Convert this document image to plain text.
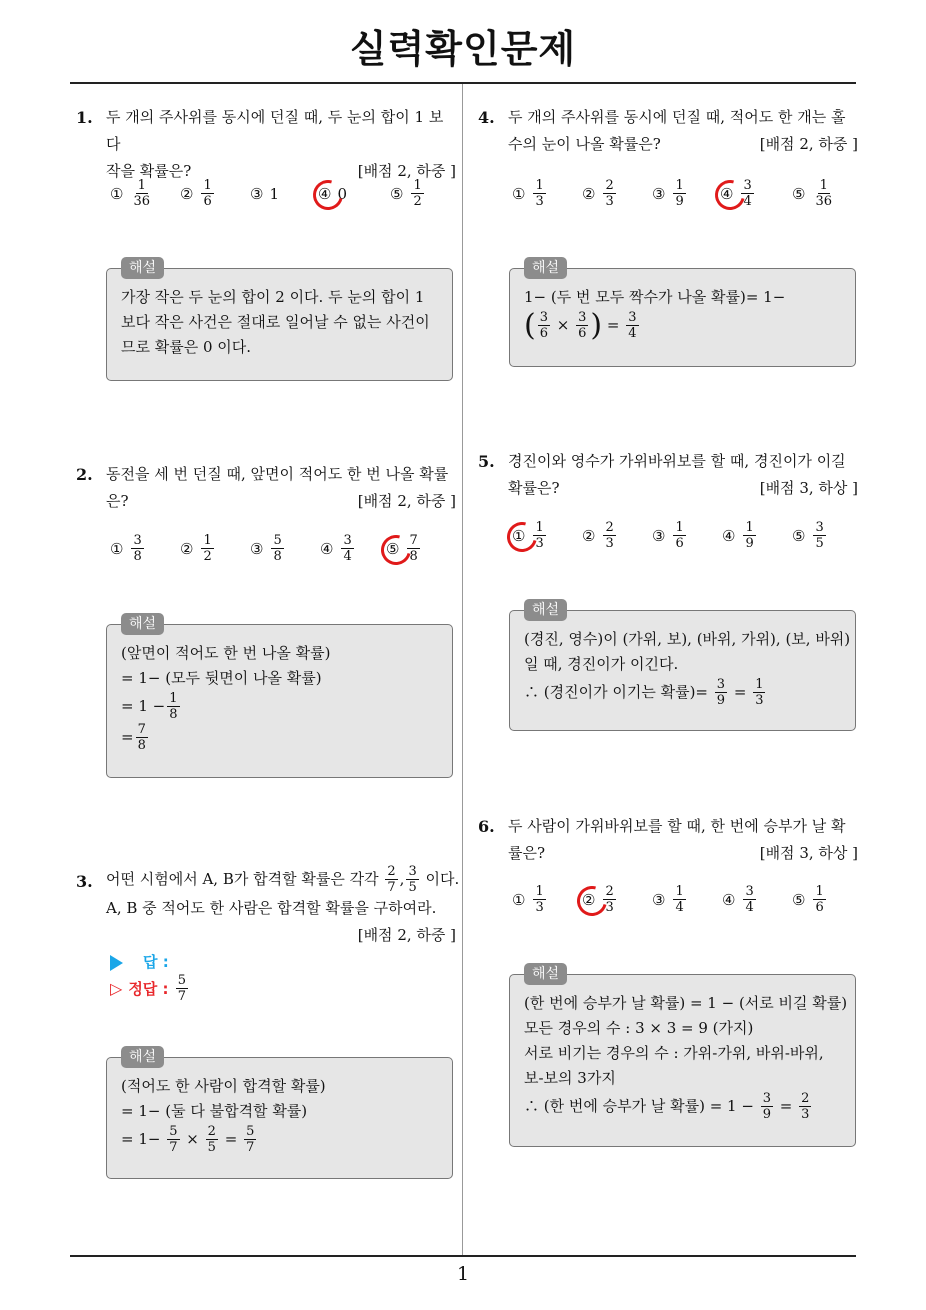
실력확인문제
1
1. 두 개의 주사위를 동시에 던질 때, 두 눈의 합이 1 보다
작을 확률은?	[배점 2, 하중 ]
① $\frac{1}{36}$ ② $\frac{1}{6}$ ③ 1	④ 0	⑤ $\frac{1}{2}$
해설
가장 작은 두 눈의 합이 2 이다. 두 눈의 합이 1
보다 작은 사건은 절대로 일어날 수 없는 사건이
므로 확률은 0 이다.
2. 동전을 세 번 던질 때, 앞면이 적어도 한 번 나올 확률
은?	[배점 2, 하중 ]
① $\frac{3}{8}$ ② $\frac{1}{2}$ ③ $\frac{5}{8}$ ④ $\frac{3}{4}$ ⑤ $\frac{7}{8}$
해설
(앞면이 적어도 한 번 나올 확률)
= 1− (모두 뒷면이 나올 확률)
= $1 - \frac{1}{8}$
= $\frac{7}{8}$
3. 어떤 시험에서 A, B가 합격할 확률은 각각
$\frac{2}{7}$ , $\frac{3}{5}$
이다.
A, B 중 적어도 한 사람은 합격할 확률을 구하여라.
[배점 2, 하중 ]
답 :
▷ 정답 :
$\frac{5}{7}$
해설
(적어도 한 사람이 합격할 확률)
= 1− (둘 다 불합격할 확률)
= 1−
$\frac{5}{7}$
×
$\frac{2}{5}$
=
$\frac{5}{7}$
4. 두 개의 주사위를 동시에 던질 때, 적어도 한 개는 홀
수의 눈이 나올 확률은?	[배점 2, 하중 ]
① $\frac{1}{3}$ ② $\frac{2}{3}$ ③ $\frac{1}{9}$ ④ $\frac{3}{4}$	⑤ $\frac{1}{36}$
해설
1− (두 번 모두 짝수가 나올 확률)= 1−
( $\frac{3}{6}$
×
$\frac{3}{6}$ )
=
$\frac{3}{4}$
5. 경진이와 영수가 가위바위보를 할 때, 경진이가 이길
확률은?	[배점 3, 하상 ]
① $\frac{1}{3}$ ② $\frac{2}{3}$ ③ $\frac{1}{6}$ ④ $\frac{1}{9}$ ⑤ $\frac{3}{5}$
해설
(경진, 영수)이 (가위, 보), (바위, 가위), (보, 바위)
일 때, 경진이가 이긴다.
∴ (경진이가 이기는 확률)=
$\frac{3}{9}$
=
$\frac{1}{3}$
6. 두 사람이 가위바위보를 할 때, 한 번에 승부가 날 확
률은?	[배점 3, 하상 ]
① $\frac{1}{3}$ ② $\frac{2}{3}$ ③ $\frac{1}{4}$ ④ $\frac{3}{4}$ ⑤ $\frac{1}{6}$
해설
(한 번에 승부가 날 확률) = 1 − (서로 비길 확률)
모든 경우의 수 : 3 × 3 = 9 (가지)
서로 비기는 경우의 수 : 가위-가위, 바위-바위,
보-보의 3가지
∴ (한 번에 승부가 날 확률) = 1 −
$\frac{3}{9}$
=
$\frac{2}{3}$
